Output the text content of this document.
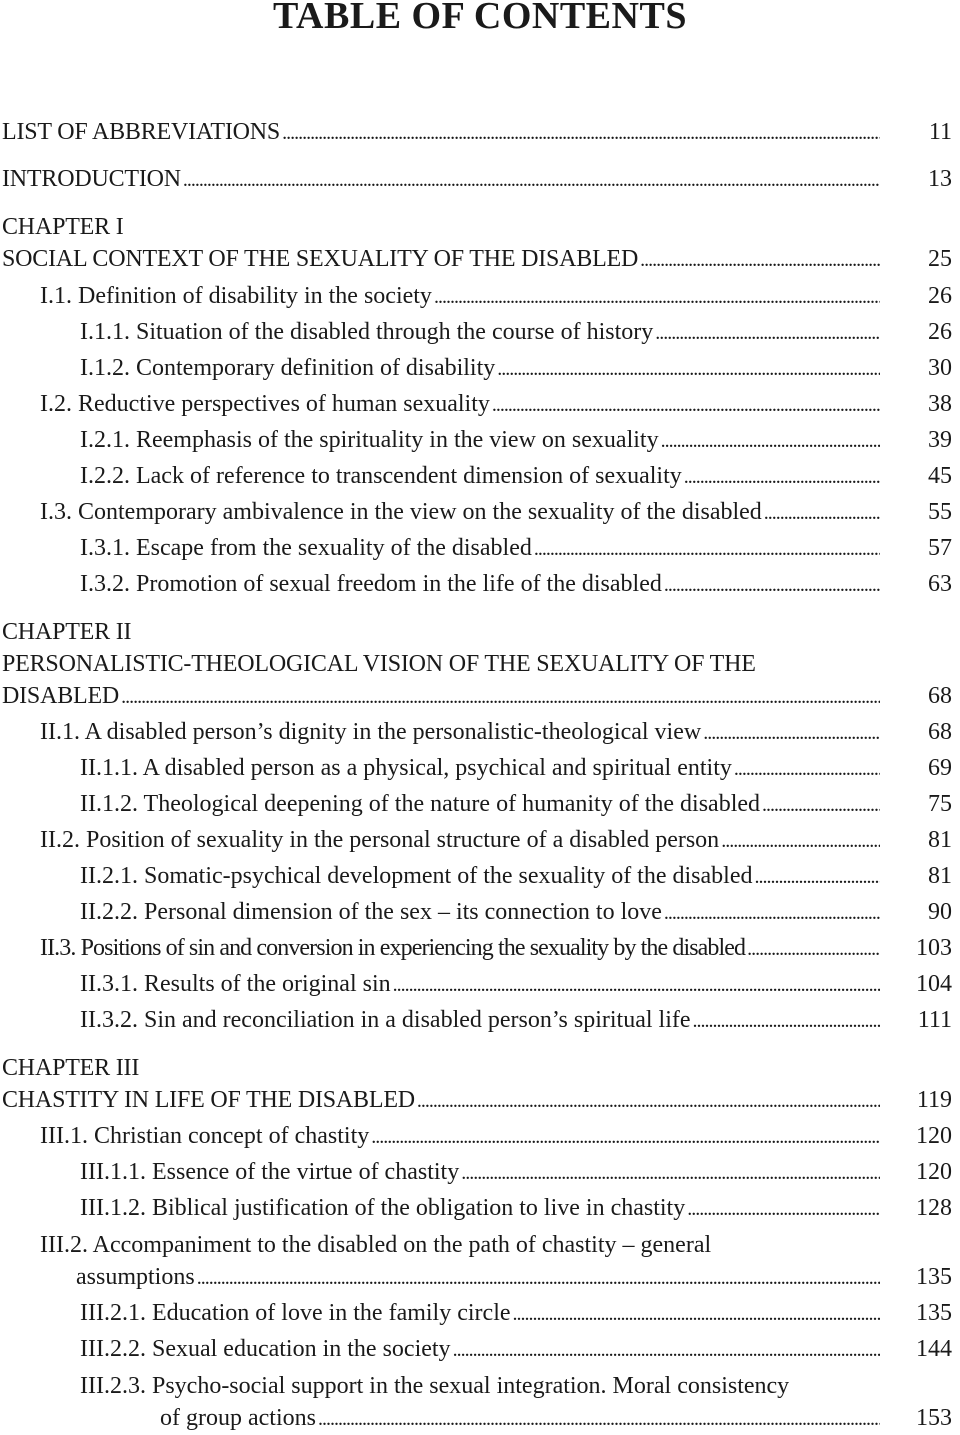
TABLE OF CONTENTS
LIST OF ABBREVIATIONS . . .	11
INTRODUCTION . . .	13
CHAPTER I
SOCIAL CONTEXT OF THE SEXUALITY OF THE DISABLED . . .	25
I.1. Definition of disability in the society . . .	26
I.1.1. Situation of the disabled through the course of history . . .	26
I.1.2. Contemporary definition of disability . . .	30
I.2. Reductive perspectives of human sexuality . . .	38
I.2.1. Reemphasis of the spirituality in the view on sexuality . . .	39
I.2.2. Lack of reference to transcendent dimension of sexuality . . .	45
I.3. Contemporary ambivalence in the view on the sexuality of the disabled . . .	55
I.3.1. Escape from the sexuality of the disabled . . .	57
I.3.2. Promotion of sexual freedom in the life of the disabled . . .	63
CHAPTER II
PERSONALISTIC-THEOLOGICAL VISION OF THE SEXUALITY OF THE
DISABLED . . .	68
II.1. A disabled person’s dignity in the personalistic-theological view . . .	68
II.1.1. A disabled person as a physical, psychical and spiritual entity . . .	69
II.1.2. Theological deepening of the nature of humanity of the disabled . . .	75
II.2. Position of sexuality in the personal structure of a disabled person . . .	81
II.2.1. Somatic-psychical development of the sexuality of the disabled . . .	81
II.2.2. Personal dimension of the sex – its connection to love . . .	90
II.3. Positions of sin and conversion in experiencing the sexuality by the disabled . . .	103
II.3.1. Results of the original sin . . .	104
II.3.2. Sin and reconciliation in a disabled person’s spiritual life . . .	111
CHAPTER III
CHASTITY IN LIFE OF THE DISABLED . . .	119
III.1. Christian concept of chastity . . .	120
III.1.1. Essence of the virtue of chastity . . .	120
III.1.2. Biblical justification of the obligation to live in chastity . . .	128
III.2. Accompaniment to the disabled on the path of chastity – general
assumptions . . .	135
III.2.1. Education of love in the family circle . . .	135
III.2.2. Sexual education in the society . . .	144
III.2.3. Psycho-social support in the sexual integration. Moral consistency
of group actions . . .	153
